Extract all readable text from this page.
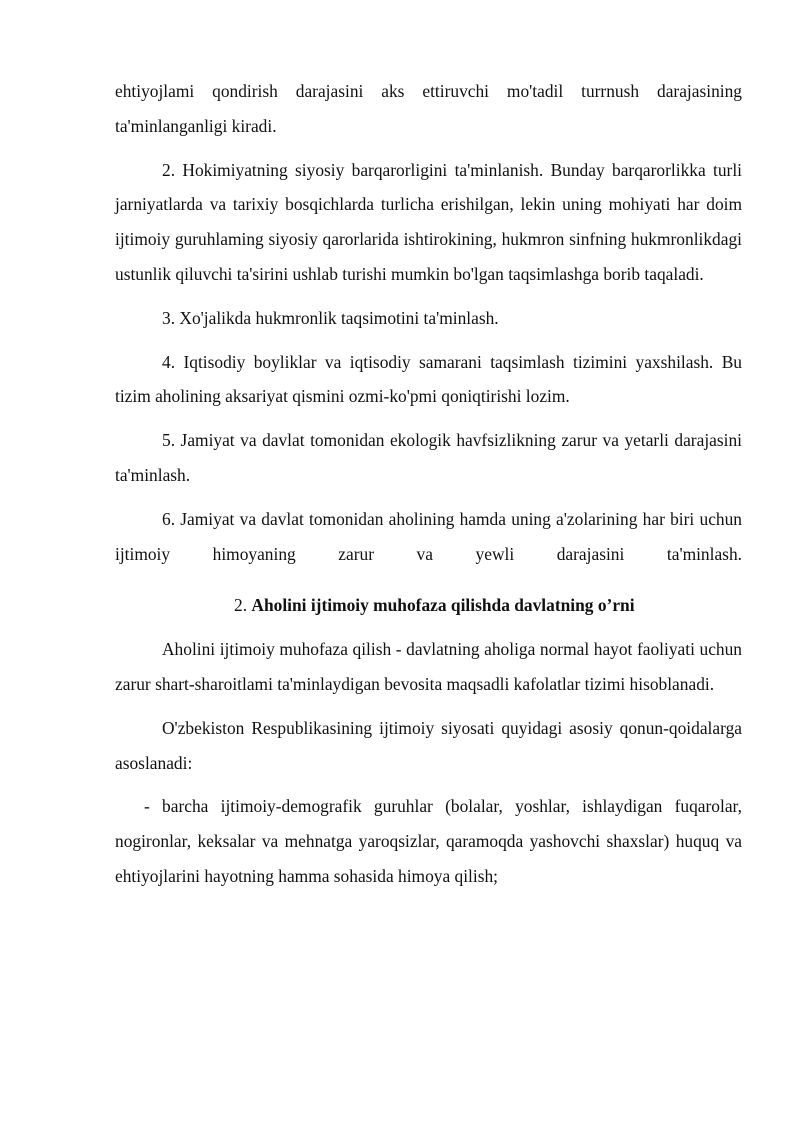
ehtiyojlami qondirish darajasini aks ettiruvchi mo'tadil turrnush darajasining ta'minlanganligi kiradi.

2. Hokimiyatning siyosiy barqarorligini ta'minlanish. Bunday barqarorlikka turli jarniyatlarda va tarixiy bosqichlarda turlicha erishilgan, lekin uning mohiyati har doim ijtimoiy guruhlaming siyosiy qarorlarida ishtirokining, hukmron sinfning hukmronlikdagi ustunlik qiluvchi ta'sirini ushlab turishi mumkin bo'lgan taqsimlashga borib taqaladi.

3. Xo'jalikda hukmronlik taqsimotini ta'minlash.

4. Iqtisodiy boyliklar va iqtisodiy samarani taqsimlash tizimini yaxshilash. Bu tizim aholining aksariyat qismini ozmi-ko'pmi qoniqtirishi lozim.

5. Jamiyat va davlat tomonidan ekologik havfsizlikning zarur va yetarli darajasini ta'minlash.

6. Jamiyat va davlat tomonidan aholining hamda uning a'zolarining har biri uchun ijtimoiy himoyaning zarur va yewli darajasini ta'minlash.

2. Aholini ijtimoiy muhofaza qilishda davlatning o’rni

Aholini ijtimoiy muhofaza qilish - davlatning aholiga normal hayot faoliyati uchun zarur shart-sharoitlami ta'minlaydigan bevosita maqsadli kafolatlar tizimi hisoblanadi.

O'zbekiston Respublikasining ijtimoiy siyosati quyidagi asosiy qonun-qoidalarga asoslanadi:

- barcha ijtimoiy-demografik guruhlar (bolalar, yoshlar, ishlaydigan fuqarolar, nogironlar, keksalar va mehnatga yaroqsizlar, qaramoqda yashovchi shaxslar) huquq va ehtiyojlarini hayotning hamma sohasida himoya qilish;
